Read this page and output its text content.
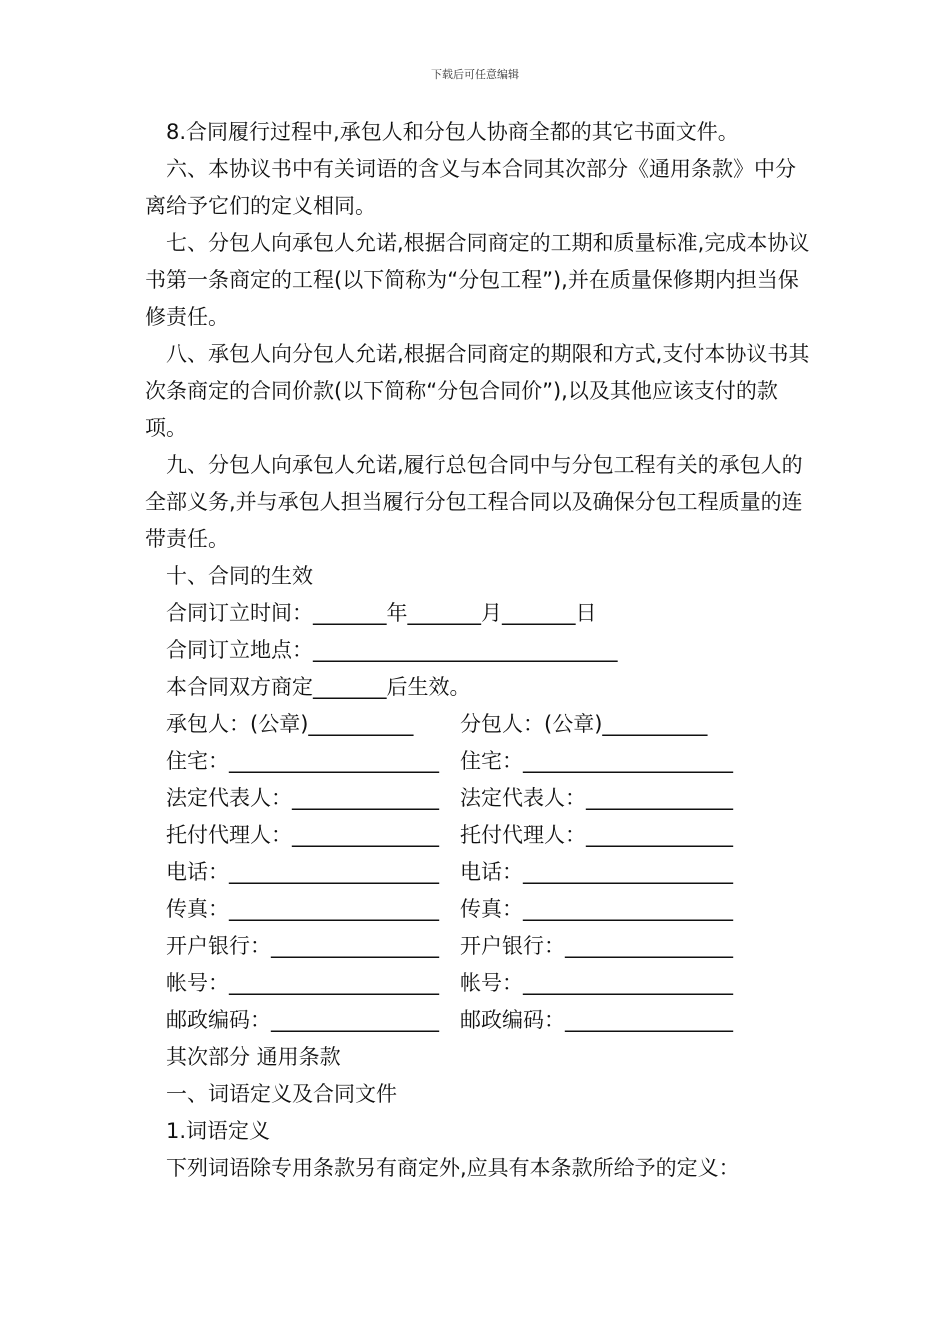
下载后可任意编辑

8.合同履行过程中,承包人和分包人协商全都的其它书面文件。

六、本协议书中有关词语的含义与本合同其次部分《通用条款》中分离给予它们的定义相同。

七、分包人向承包人允诺,根据合同商定的工期和质量标准,完成本协议书第一条商定的工程(以下简称为“分包工程”),并在质量保修期内担当保修责任。

八、承包人向分包人允诺,根据合同商定的期限和方式,支付本协议书其次条商定的合同价款(以下简称“分包合同价”),以及其他应该支付的款项。

九、分包人向承包人允诺,履行总包合同中与分包工程有关的承包人的全部义务,并与承包人担当履行分包工程合同以及确保分包工程质量的连带责任。

十、合同的生效

合同订立时间：_______年_______月_______日

合同订立地点：_____________________________

本合同双方商定_______后生效。

承包人：(公章)__________	分包人：(公章)__________
住宅：____________________	住宅：____________________
法定代表人：______________	法定代表人：______________
托付代理人：______________	托付代理人：______________
电话：____________________	电话：____________________
传真：____________________	传真：____________________
开户银行：________________	开户银行：________________
帐号：____________________	帐号：____________________
邮政编码：________________	邮政编码：________________

其次部分 通用条款

一、词语定义及合同文件

1.词语定义

下列词语除专用条款另有商定外,应具有本条款所给予的定义：
